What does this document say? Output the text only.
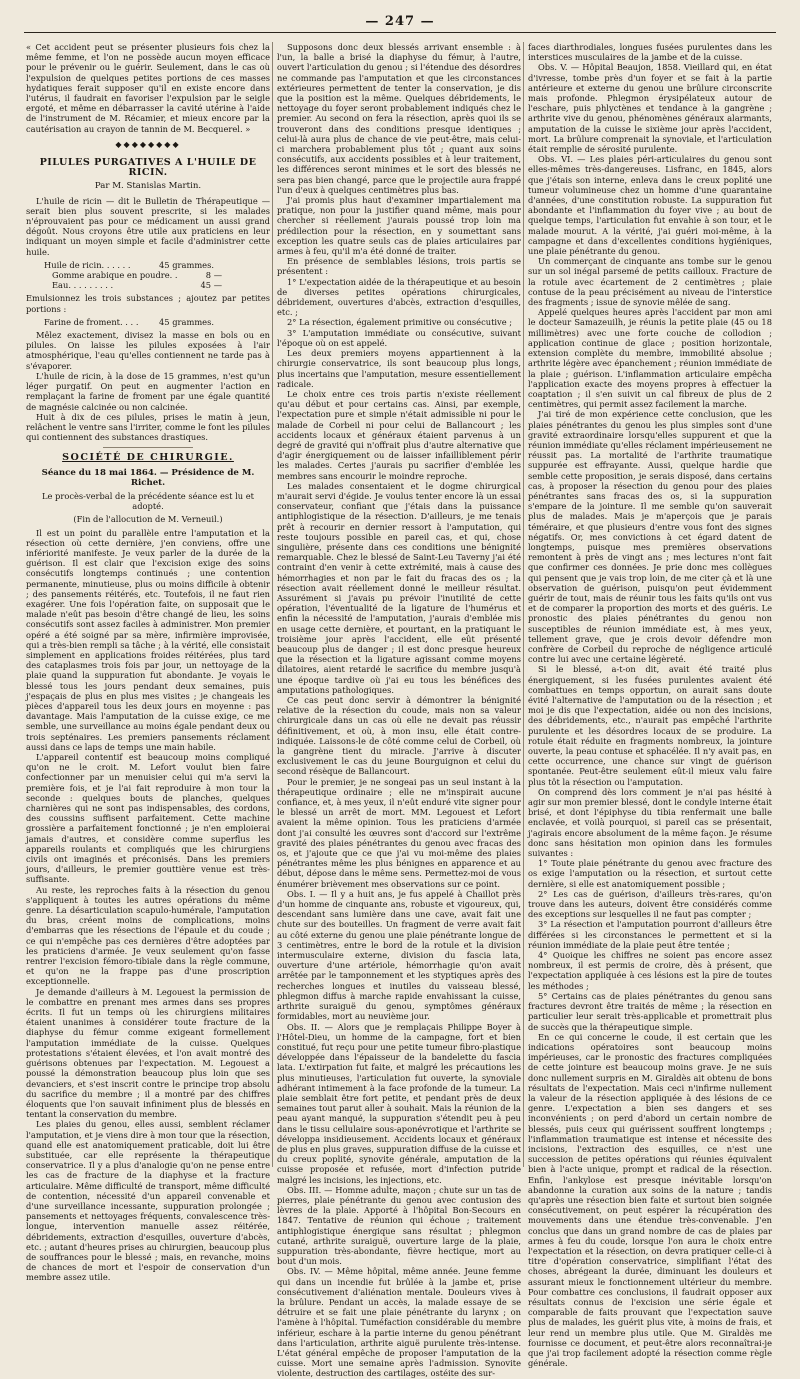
— 247 —

« Cet accident peut se présenter plusieurs fois chez la même femme, et l'on ne possède aucun moyen efficace pour le prévenir ou le guérir. Seulement, dans le cas où l'expulsion de quelques petites portions de ces masses hydatiques ferait supposer qu'il en existe encore dans l'utérus, il faudrait en favoriser l'expulsion par le seigle ergoté, et même en débarrasser la cavité utérine à l'aide de l'instrument de M. Récamier, et mieux encore par la cautérisation au crayon de tannin de M. Becquerel. »

◆◆◆◆◆◆◆◆
PILULES PURGATIVES A L'HUILE DE RICIN.
Par M. Stanislas Martin.

L'huile de ricin — dit le Bulletin de Thérapeutique — serait bien plus souvent prescrite, si les malades n'éprouvaient pas pour ce médicament un aussi grand dégoût. Nous croyons être utile aux praticiens en leur indiquant un moyen simple et facile d'administrer cette huile.

Huile de ricin. . . . . .	45 grammes.
Gomme arabique en poudre. .	8 —
Eau. . . . . . . . .	45 —

Emulsionnez les trois substances ; ajoutez par petites portions :

Farine de froment. . . . 45 grammes.

Mêlez exactement, divisez la masse en bols ou en pilules. On laisse les pilules exposées à l'air atmosphérique, l'eau qu'elles contiennent ne tarde pas à s'évaporer.

L'huile de ricin, à la dose de 15 grammes, n'est qu'un léger purgatif. On peut en augmenter l'action en remplaçant la farine de froment par une égale quantité de magnésie calcinée ou non calcinée.

Huit à dix de ces pilules, prises le matin à jeun, relâchent le ventre sans l'irriter, comme le font les pilules qui contiennent des substances drastiques.

SOCIÉTÉ DE CHIRURGIE.
Séance du 18 mai 1864. — Présidence de M. Richet.

Le procès-verbal de la précédente séance est lu et adopté.

(Fin de l'allocution de M. Verneuil.)

Il est un point du parallèle entre l'amputation et la résection où cette dernière, j'en conviens, offre une infériorité manifeste. Je veux parler de la durée de la guérison. Il est clair que l'excision exige des soins consécutifs longtemps continués ; une contention permanente, minutieuse, plus ou moins difficile à obtenir ; des pansements réitérés, etc. Toutefois, il ne faut rien exagérer. Une fois l'opération faite, on supposait que le malade n'eût pas besoin d'être changé de lieu, les soins consécutifs sont assez faciles à administrer. Mon premier opéré a été soigné par sa mère, infirmière improvisée, qui a très-bien rempli sa tâche ; à la vérité, elle consistait simplement en applications froides réitérées, plus tard des cataplasmes trois fois par jour, un nettoyage de la plaie quand la suppuration fut abondante. Je voyais le blessé tous les jours pendant deux semaines, puis j'espaçais de plus en plus mes visites ; je changeais les pièces d'appareil tous les deux jours en moyenne : pas davantage. Mais l'amputation de la cuisse exige, ce me semble, une surveillance au moins égale pendant deux ou trois septénaires. Les premiers pansements réclament aussi dans ce laps de temps une main habile.

L'appareil contentif est beaucoup moins compliqué qu'on ne le croit. M. Lefort voulut bien faire confectionner par un menuisier celui qui m'a servi la première fois, et je l'ai fait reproduire à mon tour la seconde : quelques bouts de planches, quelques charnières qui ne sont pas indispensables, des cordons, des coussins suffisent parfaitement. Cette machine grossière a parfaitement fonctionné ; je n'en emploierai jamais d'autres, et considère comme superflus les appareils roulants et compliqués que les chirurgiens civils ont imaginés et préconisés. Dans les premiers jours, d'ailleurs, le premier gouttière venue est très-suffisante.

Au reste, les reproches faits à la résection du genou s'appliquent à toutes les autres opérations du même genre. La désarticulation scapulo-humérale, l'amputation du bras, créent moins de complications, moins d'embarras que les résections de l'épaule et du coude ; ce qui n'empêche pas ces dernières d'être adoptées par les praticiens d'armée. Je veux seulement qu'on fasse rentrer l'excision fémoro-tibiale dans la règle commune, et qu'on ne la frappe pas d'une proscription exceptionnelle.

Je demande d'ailleurs à M. Legouest la permission de le combattre en prenant mes armes dans ses propres écrits. Il fut un temps où les chirurgiens militaires étaient unanimes à considérer toute fracture de la diaphyse du fémur comme exigeant formellement l'amputation immédiate de la cuisse. Quelques protestations s'étaient élevées, et l'on avait montré des guérisons obtenues par l'expectation. M. Legouest a poussé la démonstration beaucoup plus loin que ses devanciers, et s'est inscrit contre le principe trop absolu du sacrifice du membre ; il a montré par des chiffres éloquents que l'on sauvait infiniment plus de blessés en tentant la conservation du membre.

Les plaies du genou, elles aussi, semblent réclamer l'amputation, et je viens dire à mon tour que la résection, quand elle est anatomiquement praticable, doit lui être substituée, car elle représente la thérapeutique conservatrice. Il y a plus d'analogie qu'on ne pense entre les cas de fracture de la diaphyse et la fracture articulaire. Même difficulté de transport, même difficulté de contention, nécessité d'un appareil convenable et d'une surveillance incessante, suppuration prolongée ; pansements et nettoyages fréquents, convalescence très-longue, intervention manuelle assez réitérée, débridements, extraction d'esquilles, ouverture d'abcès, etc. ; autant d'heures prises au chirurgien, beaucoup plus de souffrances pour le blessé ; mais, en revanche, moins de chances de mort et l'espoir de conservation d'un membre assez utile.

Supposons donc deux blessés arrivant ensemble : à l'un, la balle a brisé la diaphyse du fémur, à l'autre, ouvert l'articulation du genou ; si l'étendue des désordres ne commande pas l'amputation et que les circonstances extérieures permettent de tenter la conservation, je dis que la position est la même. Quelques débridements, le nettoyage du foyer seront probablement indiqués chez le premier. Au second on fera la résection, après quoi ils se trouveront dans des conditions presque identiques ; celui-là aura plus de chance de vie peut-être, mais celui-ci marchera probablement plus tôt ; quant aux soins consécutifs, aux accidents possibles et à leur traitement, les différences seront minimes et le sort des blessés ne sera pas bien changé, parce que le projectile aura frappé l'un d'eux à quelques centimètres plus bas.

J'ai promis plus haut d'examiner impartialement ma pratique, non pour la justifier quand même, mais pour chercher si réellement j'aurais poussé trop loin ma prédilection pour la résection, en y soumettant sans exception les quatre seuls cas de plaies articulaires par armes à feu, qu'il m'a été donné de traiter.

En présence de semblables lésions, trois partis se présentent :

1° L'expectation aidée de la thérapeutique et au besoin de diverses petites opérations chirurgicales, débridement, ouvertures d'abcès, extraction d'esquilles, etc. ;

2° La résection, également primitive ou consécutive ;

3° L'amputation immédiate ou consécutive, suivant l'époque où on est appelé.

Les deux premiers moyens appartiennent à la chirurgie conservatrice, ils sont beaucoup plus longs, plus incertains que l'amputation, mesure essentiellement radicale.

Le choix entre ces trois partis n'existe réellement qu'au début et pour certains cas. Ainsi, par exemple, l'expectation pure et simple n'était admissible ni pour le malade de Corbeil ni pour celui de Ballancourt ; les accidents locaux et généraux étaient parvenus à un degré de gravité qui n'offrait plus d'autre alternative que d'agir énergiquement ou de laisser infailliblement périr les malades. Certes j'aurais pu sacrifier d'emblée les membres sans encourir le moindre reproche.

Les malades consentaient et le dogme chirurgical m'aurait servi d'égide. Je voulus tenter encore là un essai conservateur, confiant que j'étais dans la puissance antiphlogistique de la résection. D'ailleurs, je me tenais prêt à recourir en dernier ressort à l'amputation, qui reste toujours possible en pareil cas, et qui, chose singulière, présente dans ces conditions une bénignité remarquable. Chez le blessé de Saint-Leu Taverny j'ai été contraint d'en venir à cette extrémité, mais à cause des hémorrhagies et non par le fait du fracas des os ; la résection avait réellement donné le meilleur résultat. Assurément si j'avais pu prévoir l'inutilité de cette opération, l'éventualité de la ligature de l'humérus et enfin la nécessité de l'amputation, j'aurais d'emblée mis en usage cette dernière, et pourtant, en la pratiquant le troisième jour après l'accident, elle eût présenté beaucoup plus de danger ; il est donc presque heureux que la résection et la ligature agissant comme moyens dilatoires, aient retardé le sacrifice du membre jusqu'à une époque tardive où j'ai eu tous les bénéfices des amputations pathologiques.

Ce cas peut donc servir à démontrer la bénignité relative de la résection du coude, mais non sa valeur chirurgicale dans un cas où elle ne devait pas réussir définitivement, et où, à mon insu, elle était contre-indiquée. Laissons-le de côté comme celui de Corbeil, où la gangrène tient du miracle. J'arrive à discuter exclusivement le cas du jeune Bourguignon et celui du second résèque de Ballancourt.

Pour le premier, je ne songeai pas un seul instant à la thérapeutique ordinaire ; elle ne m'inspirait aucune confiance, et, à mes yeux, il n'eût enduré vite signer pour le blessé un arrêt de mort. MM. Legouest et Lefort avaient la même opinion. Tous les praticiens d'armée dont j'ai consulté les œuvres sont d'accord sur l'extrême gravité des plaies pénétrantes du genou avec fracas des os, et j'ajoute que ce que j'ai vu moi-même des plaies pénétrantes même les plus bénignes en apparence et au début, dépose dans le même sens. Permettez-moi de vous énumérer brièvement mes observations sur ce point.

Obs. I. — Il y a huit ans, je fus appelé à Chaillot près d'un homme de cinquante ans, robuste et vigoureux, qui, descendant sans lumière dans une cave, avait fait une chute sur des bouteilles. Un fragment de verre avait fait au côté externe du genou une plaie pénétrante longue de 3 centimètres, entre le bord de la rotule et la division intermusculaire externe, division du fascia lata, ouverture d'une artériole, hémorrhagie qu'on avait arrêtée par le tamponnement et les styptiques après des recherches longues et inutiles du vaisseau blessé, phlegmon diffus à marche rapide envahissant la cuisse, arthrite suraiguë du genou, symptômes généraux formidables, mort au neuvième jour.

Obs. II. — Alors que je remplaçais Philippe Boyer à l'Hôtel-Dieu, un homme de la campagne, fort et bien constitué, fut reçu pour une petite tumeur fibro-plastique développée dans l'épaisseur de la bandelette du fascia lata. L'extirpation fut faite, et malgré les précautions les plus minutieuses, l'articulation fut ouverte, la synoviale adhérant intimement à la face profonde de la tumeur. La plaie semblait être fort petite, et pendant près de deux semaines tout parut aller à souhait. Mais la réunion de la peau ayant manqué, la suppuration s'étendit peu à peu dans le tissu cellulaire sous-aponévrotique et l'arthrite se développa insidieusement. Accidents locaux et généraux de plus en plus graves, suppuration diffuse de la cuisse et du creux poplité, synovite générale, amputation de la cuisse proposée et refusée, mort d'infection putride malgré les incisions, les injections, etc.

Obs. III. — Homme adulte, maçon ; chute sur un tas de pierres, plaie pénétrante du genou avec contusion des lèvres de la plaie. Apporté à l'hôpital Bon-Secours en 1847. Tentative de réunion qui échoue ; traitement antiphlogistique énergique sans résultat ; phlegmon cutané, arthrite suraiguë, ouverture large de la plaie, suppuration très-abondante, fièvre hectique, mort au bout d'un mois.

Obs. IV. — Même hôpital, même année. Jeune femme qui dans un incendie fut brûlée à la jambe et, prise consécutivement d'aliénation mentale. Douleurs vives à la brûlure. Pendant un accès, la malade essaye de se détruire et se fait une plaie pénétrante du larynx ; on l'amène à l'hôpital. Tuméfaction considérable du membre inférieur, eschare à la partie interne du genou pénétrant dans l'articulation, arthrite aiguë purulente très-intense. L'état général empêche de proposer l'amputation de la cuisse. Mort une semaine après l'admission. Synovite violente, destruction des cartilages, ostéite des sur-

faces diarthrodiales, longues fusées purulentes dans les interstices musculaires de la jambe et de la cuisse.

Obs. V. — Hôpital Beaujon, 1858. Vieillard qui, en état d'ivresse, tombe près d'un foyer et se fait à la partie antérieure et externe du genou une brûlure circonscrite mais profonde. Phlegmon érysipélateux autour de l'eschare, puis phlyctènes et tendance à la gangrène ; arthrite vive du genou, phénomènes généraux alarmants, amputation de la cuisse le sixième jour après l'accident, mort. La brûlure comprenait la synoviale, et l'articulation était remplie de sérosité purulente.

Obs. VI. — Les plaies péri-articulaires du genou sont elles-mêmes très-dangereuses. Lisfranc, en 1845, alors que j'étais son interne, enleva dans le creux poplité une tumeur volumineuse chez un homme d'une quarantaine d'années, d'une constitution robuste. La suppuration fut abondante et l'inflammation du foyer vive ; au bout de quelque temps, l'articulation fut envahie à son tour, et le malade mourut. A la vérité, j'ai guéri moi-même, à la campagne et dans d'excellentes conditions hygiéniques, une plaie pénétrante du genou.

Un commerçant de cinquante ans tombe sur le genou sur un sol inégal parsemé de petits cailloux. Fracture de la rotule avec écartement de 2 centimètres ; plaie contuse de la peau précisément au niveau de l'interstice des fragments ; issue de synovie mêlée de sang.

Appelé quelques heures après l'accident par mon ami le docteur Samazeuilh, je réunis la petite plaie (45 ou 18 millimètres) avec une forte couche de collodion ; application continue de glace ; position horizontale, extension complète du membre, immobilité absolue ; arthrite légère avec épanchement ; réunion immédiate de la plaie ; guérison. L'inflammation articulaire empêcha l'application exacte des moyens propres à effectuer la coaptation ; il s'en suivit un cal fibreux de plus de 2 centimètres, qui permit assez facilement la marche.

J'ai tiré de mon expérience cette conclusion, que les plaies pénétrantes du genou les plus simples sont d'une gravité extraordinaire lorsqu'elles suppurent et que la réunion immédiate qu'elles réclament impérieusement ne réussit pas. La mortalité de l'arthrite traumatique suppurée est effrayante. Aussi, quelque hardie que semble cette proposition, je serais disposé, dans certains cas, à proposer la résection du genou pour des plaies pénétrantes sans fracas des os, si la suppuration s'empare de la jointure. Il me semble qu'on sauverait plus de malades. Mais je m'aperçois que je parais téméraire, et que plusieurs d'entre vous font des signes négatifs. Or, mes convictions à cet égard datent de longtemps, puisque mes premières observations remontent à près de vingt ans ; mes lectures n'ont fait que confirmer ces données. Je prie donc mes collègues qui pensent que je vais trop loin, de me citer çà et là une observation de guérison, puisqu'on peut évidemment guérir de tout, mais de réunir tous les faits qu'ils ont vus et de comparer la proportion des morts et des guéris. Le pronostic des plaies pénétrantes du genou non susceptibles de réunion immédiate est, à mes yeux, tellement grave, que je crois devoir défendre mon confrère de Corbeil du reproche de négligence articulé contre lui avec une certaine légèreté.

Si le blessé, a-t-on dit, avait été traité plus énergiquement, si les fusées purulentes avaient été combattues en temps opportun, on aurait sans doute évité l'alternative de l'amputation ou de la résection ; et moi je dis que l'expectation, aidée ou non des incisions, des débridements, etc., n'aurait pas empêché l'arthrite purulente et les désordres locaux de se produire. La rotule était réduite en fragments nombreux, la jointure ouverte, la peau contuse et sphacélée. Il n'y avait pas, en cette occurrence, une chance sur vingt de guérison spontanée. Peut-être seulement eût-il mieux valu faire plus tôt la résection ou l'amputation.

On comprend dès lors comment je n'ai pas hésité à agir sur mon premier blessé, dont le condyle interne était brisé, et dont l'épiphyse du tibia renfermait une balle enclavée, et voilà pourquoi, si pareil cas se présentait, j'agirais encore absolument de la même façon. Je résume donc sans hésitation mon opinion dans les formules suivantes :

1° Toute plaie pénétrante du genou avec fracture des os exige l'amputation ou la résection, et surtout cette dernière, si elle est anatomiquement possible ;

2° Les cas de guérison, d'ailleurs très-rares, qu'on trouve dans les auteurs, doivent être considérés comme des exceptions sur lesquelles il ne faut pas compter ;

3° La résection et l'amputation pourront d'ailleurs être différées si les circonstances le permettent et si la réunion immédiate de la plaie peut être tentée ;

4° Quoique les chiffres ne soient pas encore assez nombreux, il est permis de croire, dès à présent, que l'expectation appliquée à ces lésions est la pire de toutes les méthodes ;

5° Certains cas de plaies pénétrantes du genou sans fractures devront être traités de même ; la résection en particulier leur serait très-applicable et promettrait plus de succès que la thérapeutique simple.

En ce qui concerne le coude, il est certain que les indications opératoires sont beaucoup moins impérieuses, car le pronostic des fractures compliquées de cette jointure est beaucoup moins grave. Je ne suis donc nullement surpris en M. Giraldès ait obtenu de bons résultats de l'expectation. Mais ceci n'infirme nullement la valeur de la résection appliquée à des lésions de ce genre. L'expectation a bien ses dangers et ses inconvénients ; on perd d'abord un certain nombre de blessés, puis ceux qui guérissent souffrent longtemps ; l'inflammation traumatique est intense et nécessite des incisions, l'extraction des esquilles, ce n'est une succession de petites opérations qui réunies équivalent bien à l'acte unique, prompt et radical de la résection. Enfin, l'ankylose est presque inévitable lorsqu'on abandonne la curation aux soins de la nature ; tandis qu'après une résection bien faite et surtout bien soignée consécutivement, on peut espérer la récupération des mouvements dans une étendue très-convenable. J'en conclus que dans un grand nombre de cas de plaies par armes à feu du coude, lorsque l'on aura le choix entre l'expectation et la résection, on devra pratiquer celle-ci à titre d'opération conservatrice, simplifiant l'état des choses, abrégeant la durée, diminuant les douleurs et assurant mieux le fonctionnement ultérieur du membre. Pour combattre ces conclusions, il faudrait opposer aux résultats connus de l'excision une série égale et comparable de faits prouvant que l'expectation sauve plus de malades, les guérit plus vite, à moins de frais, et leur rend un membre plus utile. Que M. Giraldès me fournisse ce document, et peut-être alors reconnaîtrai-je que j'ai trop facilement adopté la résection comme règle générale.
